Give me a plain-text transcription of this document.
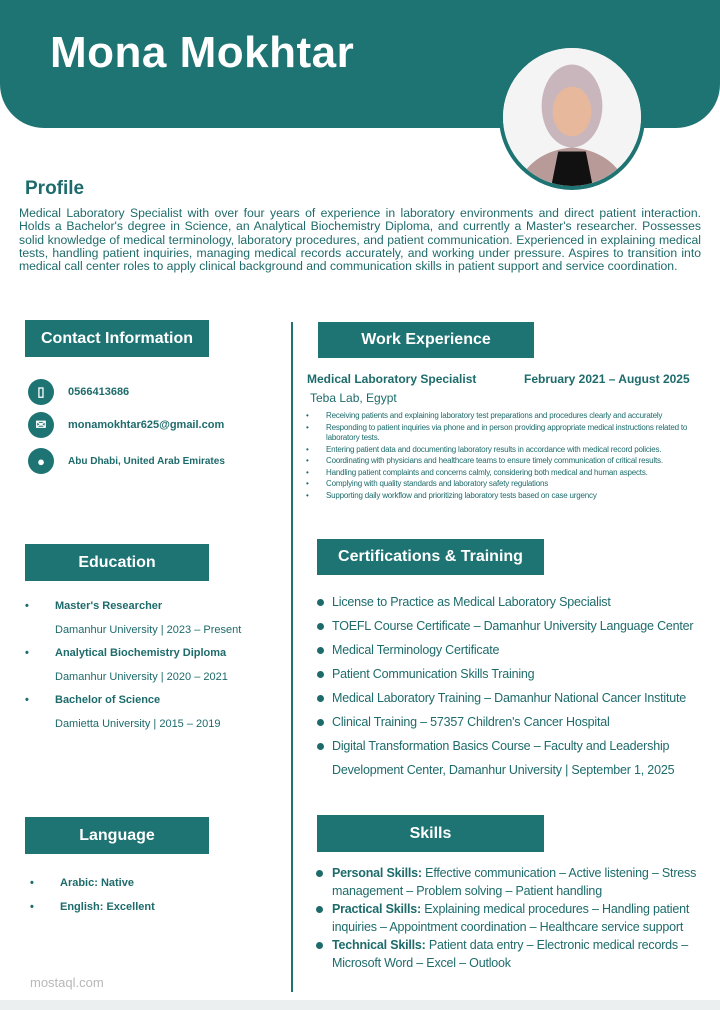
Mona Mokhtar
Profile
Medical Laboratory Specialist with over four years of experience in laboratory environments and direct patient interaction. Holds a Bachelor's degree in Science, an Analytical Biochemistry Diploma, and currently a Master's researcher. Possesses solid knowledge of medical terminology, laboratory procedures, and patient communication. Experienced in explaining medical tests, handling patient inquiries, managing medical records accurately, and working under pressure. Aspires to transition into medical call center roles to apply clinical background and communication skills in patient support and service coordination.
Contact Information
▯	0566413686
✉	monamokhtar625@gmail.com
●	Abu Dhabi, United Arab Emirates
Work Experience
Medical Laboratory Specialist	February 2021 – August 2025
Teba Lab, Egypt
• Receiving patients and explaining laboratory test preparations and procedures clearly and accurately
• Responding to patient inquiries via phone and in person providing appropriate medical instructions related to laboratory tests.
• Entering patient data and documenting laboratory results in accordance with medical record policies.
• Coordinating with physicians and healthcare teams to ensure timely communication of critical results.
• Handling patient complaints and concerns calmly, considering both medical and human aspects.
• Complying with quality standards and laboratory safety regulations
• Supporting daily workflow and prioritizing laboratory tests based on case urgency
Education
• Master's Researcher
Damanhur University | 2023 – Present
• Analytical Biochemistry Diploma
Damanhur University | 2020 – 2021
• Bachelor of Science
Damietta University | 2015 – 2019
Certifications & Training
License to Practice as Medical Laboratory Specialist
TOEFL Course Certificate – Damanhur University Language Center
Medical Terminology Certificate
Patient Communication Skills Training
Medical Laboratory Training – Damanhur National Cancer Institute
Clinical Training – 57357 Children's Cancer Hospital
Digital Transformation Basics Course – Faculty and Leadership
Development Center, Damanhur University | September 1, 2025
Language
• Arabic: Native
• English: Excellent
Skills
Personal Skills: Effective communication – Active listening – Stress management – Problem solving – Patient handling
Practical Skills: Explaining medical procedures – Handling patient inquiries – Appointment coordination – Healthcare service support
Technical Skills: Patient data entry – Electronic medical records – Microsoft Word – Excel – Outlook
mostaql.com
